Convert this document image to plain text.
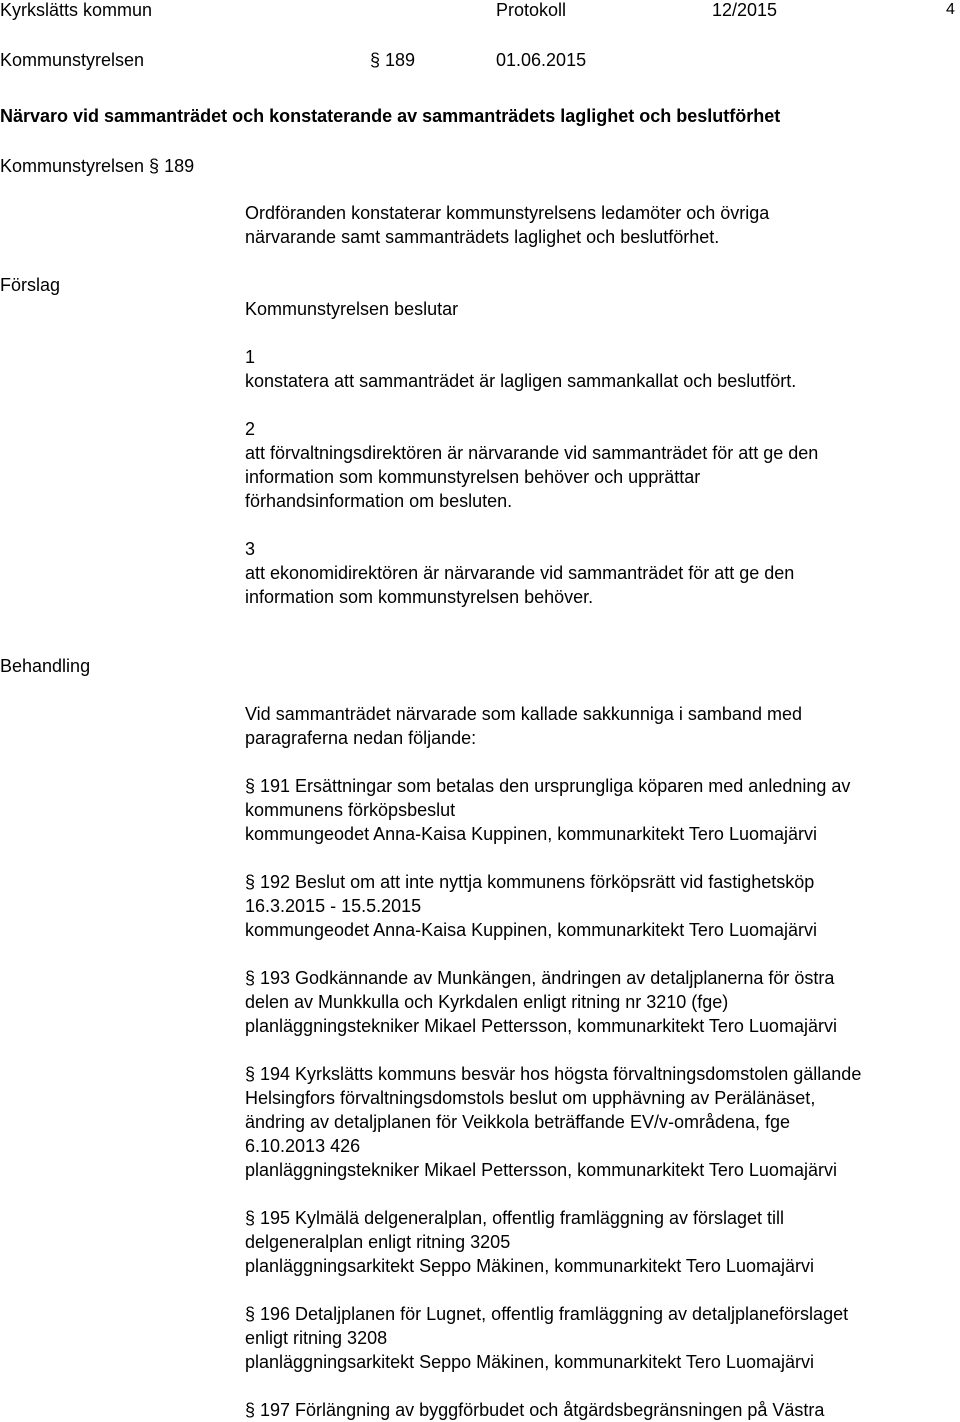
Kyrkslätts kommun	Protokoll	12/2015	4
Kommunstyrelsen	§ 189	01.06.2015
Närvaro vid sammanträdet och konstaterande av sammanträdets laglighet och beslutförhet
Kommunstyrelsen § 189
Ordföranden konstaterar kommunstyrelsens ledamöter och övriga
närvarande samt sammanträdets laglighet och beslutförhet.
Förslag
Kommunstyrelsen beslutar
1
konstatera att sammanträdet är lagligen sammankallat och beslutfört.
2
att förvaltningsdirektören är närvarande vid sammanträdet för att ge den
information som kommunstyrelsen behöver och upprättar
förhandsinformation om besluten.
3
att ekonomidirektören är närvarande vid sammanträdet för att ge den
information som kommunstyrelsen behöver.
Behandling
Vid sammanträdet närvarade som kallade sakkunniga i samband med
paragraferna nedan följande:
§ 191 Ersättningar som betalas den ursprungliga köparen med anledning av
kommunens förköpsbeslut
kommungeodet Anna-Kaisa Kuppinen, kommunarkitekt Tero Luomajärvi
§ 192 Beslut om att inte nyttja kommunens förköpsrätt vid fastighetsköp
16.3.2015 - 15.5.2015
kommungeodet Anna-Kaisa Kuppinen, kommunarkitekt Tero Luomajärvi
§ 193 Godkännande av Munkängen, ändringen av detaljplanerna för östra
delen av Munkkulla och Kyrkdalen enligt ritning nr 3210 (fge)
planläggningstekniker Mikael Pettersson, kommunarkitekt Tero Luomajärvi
§ 194 Kyrkslätts kommuns besvär hos högsta förvaltningsdomstolen gällande
Helsingfors förvaltningsdomstols beslut om upphävning av Perälänäset,
ändring av detaljplanen för Veikkola beträffande EV/v-områdena, fge
6.10.2013 426
planläggningstekniker Mikael Pettersson, kommunarkitekt Tero Luomajärvi
§ 195 Kylmälä delgeneralplan, offentlig framläggning av förslaget till
delgeneralplan enligt ritning 3205
planläggningsarkitekt Seppo Mäkinen, kommunarkitekt Tero Luomajärvi
§ 196 Detaljplanen för Lugnet, offentlig framläggning av detaljplaneförslaget
enligt ritning 3208
planläggningsarkitekt Seppo Mäkinen, kommunarkitekt Tero Luomajärvi
§ 197 Förlängning av byggförbudet och åtgärdsbegränsningen på Västra
